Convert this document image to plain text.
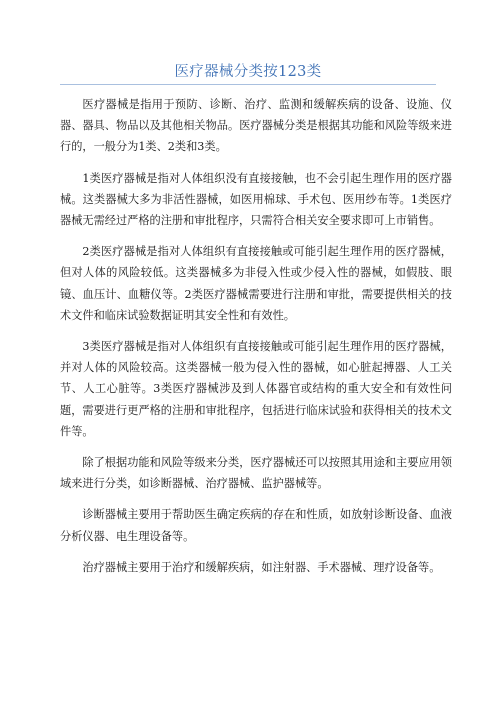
医疗器械分类按123类

医疗器械是指用于预防、诊断、治疗、监测和缓解疾病的设备、设施、仪器、器具、物品以及其他相关物品。医疗器械分类是根据其功能和风险等级来进行的，一般分为1类、2类和3类。

1类医疗器械是指对人体组织没有直接接触，也不会引起生理作用的医疗器械。这类器械大多为非活性器械，如医用棉球、手术包、医用纱布等。1类医疗器械无需经过严格的注册和审批程序，只需符合相关安全要求即可上市销售。

2类医疗器械是指对人体组织有直接接触或可能引起生理作用的医疗器械，但对人体的风险较低。这类器械多为非侵入性或少侵入性的器械，如假肢、眼镜、血压计、血糖仪等。2类医疗器械需要进行注册和审批，需要提供相关的技术文件和临床试验数据证明其安全性和有效性。

3类医疗器械是指对人体组织有直接接触或可能引起生理作用的医疗器械，并对人体的风险较高。这类器械一般为侵入性的器械，如心脏起搏器、人工关节、人工心脏等。3类医疗器械涉及到人体器官或结构的重大安全和有效性问题，需要进行更严格的注册和审批程序，包括进行临床试验和获得相关的技术文件等。

除了根据功能和风险等级来分类，医疗器械还可以按照其用途和主要应用领域来进行分类，如诊断器械、治疗器械、监护器械等。

诊断器械主要用于帮助医生确定疾病的存在和性质，如放射诊断设备、血液分析仪器、电生理设备等。

治疗器械主要用于治疗和缓解疾病，如注射器、手术器械、理疗设备等。
